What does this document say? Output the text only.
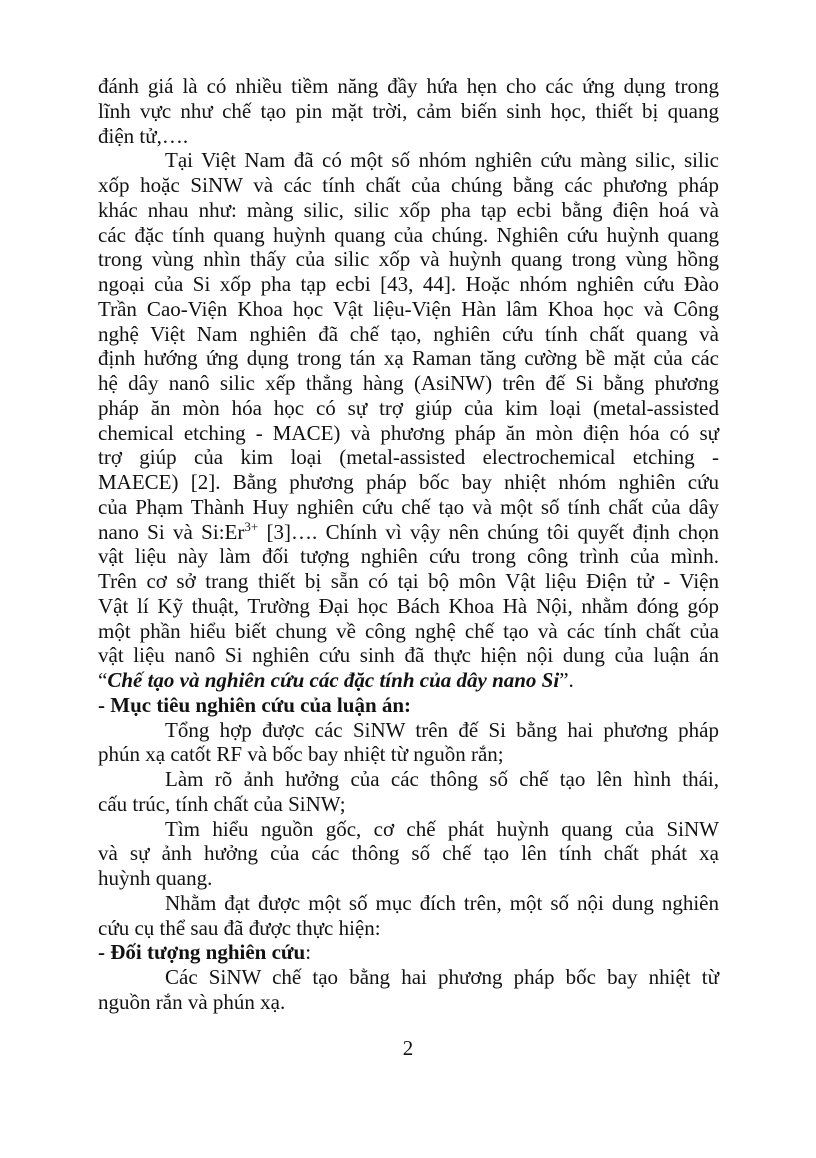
đánh giá là có nhiều tiềm năng đầy hứa hẹn cho các ứng dụng trong
lĩnh vực như chế tạo pin mặt trời, cảm biến sinh học, thiết bị quang
điện tử,….
Tại Việt Nam đã có một số nhóm nghiên cứu màng silic, silic
xốp hoặc SiNW và các tính chất của chúng bằng các phương pháp
khác nhau như: màng silic, silic xốp pha tạp ecbi bằng điện hoá và
các đặc tính quang huỳnh quang của chúng. Nghiên cứu huỳnh quang
trong vùng nhìn thấy của silic xốp và huỳnh quang trong vùng hồng
ngoại của Si xốp pha tạp ecbi [43, 44]. Hoặc nhóm nghiên cứu Đào
Trần Cao-Viện Khoa học Vật liệu-Viện Hàn lâm Khoa học và Công
nghệ Việt Nam nghiên đã chế tạo, nghiên cứu tính chất quang và
định hướng ứng dụng trong tán xạ Raman tăng cường bề mặt của các
hệ dây nanô silic xếp thẳng hàng (AsiNW) trên đế Si bằng phương
pháp ăn mòn hóa học có sự trợ giúp của kim loại (metal-assisted
chemical etching - MACE) và phương pháp ăn mòn điện hóa có sự
trợ giúp của kim loại (metal-assisted electrochemical etching -
MAECE) [2]. Bằng phương pháp bốc bay nhiệt nhóm nghiên cứu
của Phạm Thành Huy nghiên cứu chế tạo và một số tính chất của dây
nano Si và $Si:Er^{3+}$ [3]…. Chính vì vậy nên chúng tôi quyết định chọn
vật liệu này làm đối tượng nghiên cứu trong công trình của mình.
Trên cơ sở trang thiết bị sẵn có tại bộ môn Vật liệu Điện tử - Viện
Vật lí Kỹ thuật, Trường Đại học Bách Khoa Hà Nội, nhằm đóng góp
một phần hiểu biết chung về công nghệ chế tạo và các tính chất của
vật liệu nanô Si nghiên cứu sinh đã thực hiện nội dung của luận án
“Chế tạo và nghiên cứu các đặc tính của dây nano Si”.
- Mục tiêu nghiên cứu của luận án:
Tổng hợp được các SiNW trên đế Si bằng hai phương pháp
phún xạ catốt RF và bốc bay nhiệt từ nguồn rắn;
Làm rõ ảnh hưởng của các thông số chế tạo lên hình thái,
cấu trúc, tính chất của SiNW;
Tìm hiểu nguồn gốc, cơ chế phát huỳnh quang của SiNW
và sự ảnh hưởng của các thông số chế tạo lên tính chất phát xạ
huỳnh quang.
Nhằm đạt được một số mục đích trên, một số nội dung nghiên
cứu cụ thể sau đã được thực hiện:
- Đối tượng nghiên cứu:
Các SiNW chế tạo bằng hai phương pháp bốc bay nhiệt từ
nguồn rắn và phún xạ.
2
